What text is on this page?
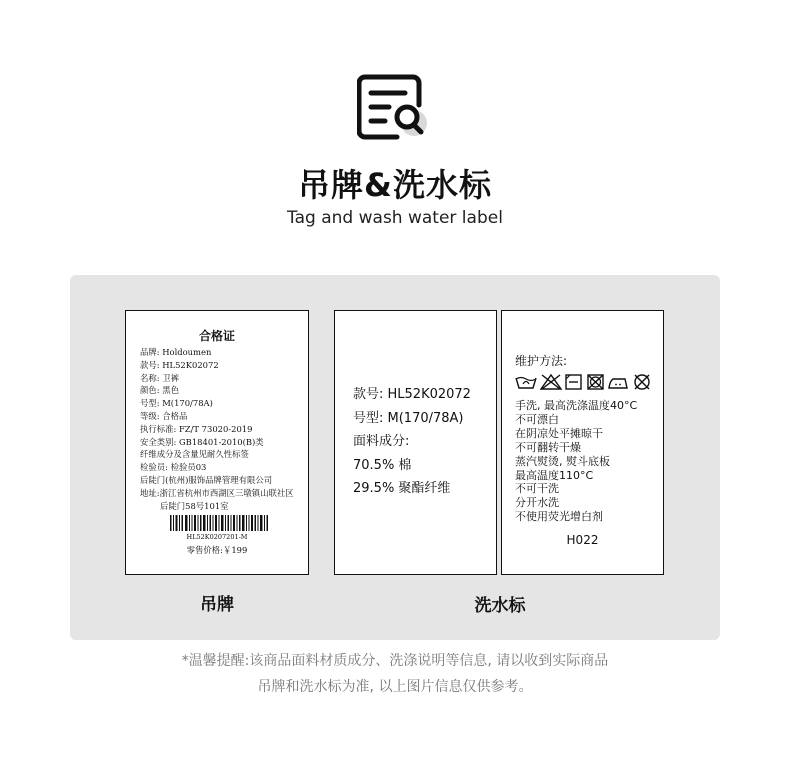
吊牌&洗水标
Tag and wash water label
合格证
品牌: Holdoumen
款号: HL52K02072
名称: 卫裤
颜色: 黑色
号型: M(170/78A)
等级: 合格品
执行标准: FZ/T 73020-2019
安全类别: GB18401-2010(B)类
纤维成分及含量见耐久性标签
检验员: 检验员03
后陡门(杭州)服饰品牌管理有限公司
地址:浙江省杭州市西湖区三墩镇山联社区
后陡门58号101室
HL52K0207201-M
零售价格:￥199
吊牌
款号: HL52K02072
号型: M(170/78A)
面料成分:
70.5% 棉
29.5% 聚酯纤维
维护方法:
手洗, 最高洗涤温度40°C
不可漂白
在阴凉处平摊晾干
不可翻转干燥
蒸汽熨烫, 熨斗底板
最高温度110°C
不可干洗
分开水洗
不使用荧光增白剂
H022
洗水标
*温馨提醒:该商品面料材质成分、洗涤说明等信息, 请以收到实际商品
吊牌和洗水标为准, 以上图片信息仅供参考。
